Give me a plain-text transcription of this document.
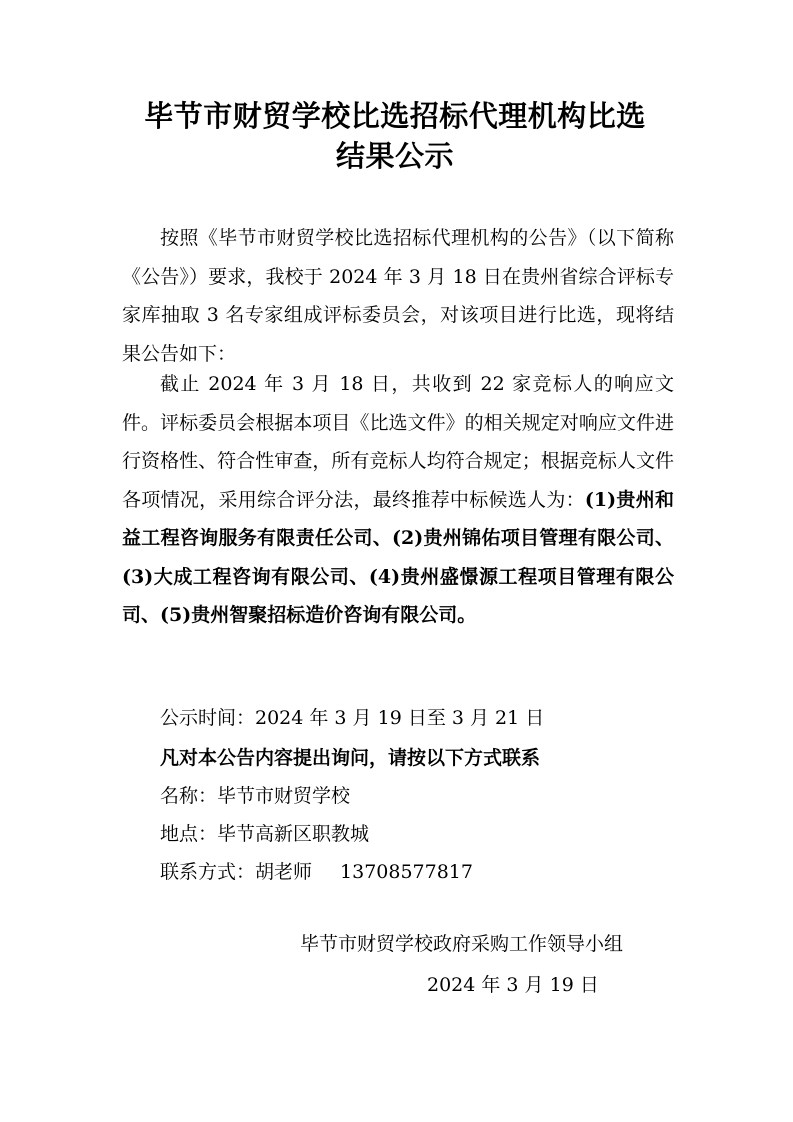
毕节市财贸学校比选招标代理机构比选
结果公示
按照《毕节市财贸学校比选招标代理机构的公告》（以下简称《公告》）要求，我校于 2024 年 3 月 18 日在贵州省综合评标专家库抽取 3 名专家组成评标委员会，对该项目进行比选，现将结果公告如下：
截止 2024 年 3 月 18 日，共收到 22 家竞标人的响应文件。评标委员会根据本项目《比选文件》的相关规定对响应文件进行资格性、符合性审查，所有竞标人均符合规定；根据竞标人文件各项情况，采用综合评分法，最终推荐中标候选人为：(1)贵州和益工程咨询服务有限责任公司、(2)贵州锦佑项目管理有限公司、(3)大成工程咨询有限公司、(4)贵州盛憬源工程项目管理有限公司、(5)贵州智聚招标造价咨询有限公司。
公示时间：2024 年 3 月 19 日至 3 月 21 日
凡对本公告内容提出询问，请按以下方式联系
名称：毕节市财贸学校
地点：毕节高新区职教城
联系方式：胡老师 13708577817
毕节市财贸学校政府采购工作领导小组
2024 年 3 月 19 日
